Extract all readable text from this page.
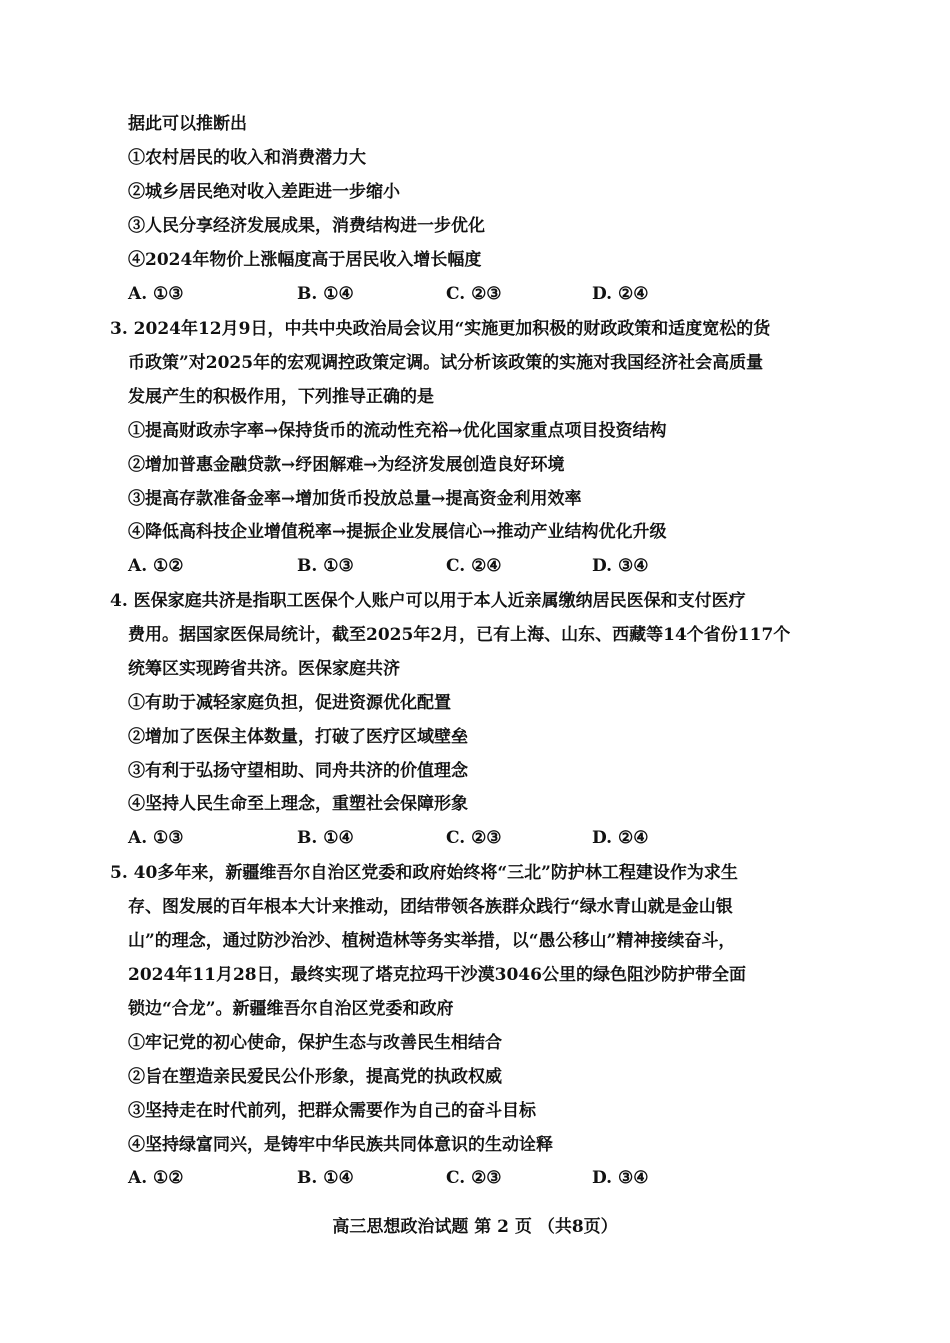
据此可以推断出
①农村居民的收入和消费潜力大
②城乡居民绝对收入差距进一步缩小
③人民分享经济发展成果，消费结构进一步优化
④2024年物价上涨幅度高于居民收入增长幅度
A. ①③	B. ①④	C. ②③	D. ②④
3. 2024年12月9日，中共中央政治局会议用“实施更加积极的财政政策和适度宽松的货
币政策”对2025年的宏观调控政策定调。试分析该政策的实施对我国经济社会高质量
发展产生的积极作用，下列推导正确的是
①提高财政赤字率→保持货币的流动性充裕→优化国家重点项目投资结构
②增加普惠金融贷款→纾困解难→为经济发展创造良好环境
③提高存款准备金率→增加货币投放总量→提高资金利用效率
④降低高科技企业增值税率→提振企业发展信心→推动产业结构优化升级
A. ①②	B. ①③	C. ②④	D. ③④
4. 医保家庭共济是指职工医保个人账户可以用于本人近亲属缴纳居民医保和支付医疗
费用。据国家医保局统计，截至2025年2月，已有上海、山东、西藏等14个省份117个
统筹区实现跨省共济。医保家庭共济
①有助于减轻家庭负担，促进资源优化配置
②增加了医保主体数量，打破了医疗区域壁垒
③有利于弘扬守望相助、同舟共济的价值理念
④坚持人民生命至上理念，重塑社会保障形象
A. ①③	B. ①④	C. ②③	D. ②④
5. 40多年来，新疆维吾尔自治区党委和政府始终将“三北”防护林工程建设作为求生
存、图发展的百年根本大计来推动，团结带领各族群众践行“绿水青山就是金山银
山”的理念，通过防沙治沙、植树造林等务实举措，以“愚公移山”精神接续奋斗，
2024年11月28日，最终实现了塔克拉玛干沙漠3046公里的绿色阻沙防护带全面
锁边“合龙”。新疆维吾尔自治区党委和政府
①牢记党的初心使命，保护生态与改善民生相结合
②旨在塑造亲民爱民公仆形象，提高党的执政权威
③坚持走在时代前列，把群众需要作为自己的奋斗目标
④坚持绿富同兴，是铸牢中华民族共同体意识的生动诠释
A. ①②	B. ①④	C. ②③	D. ③④
高三思想政治试题 第 2 页 （共8页）
